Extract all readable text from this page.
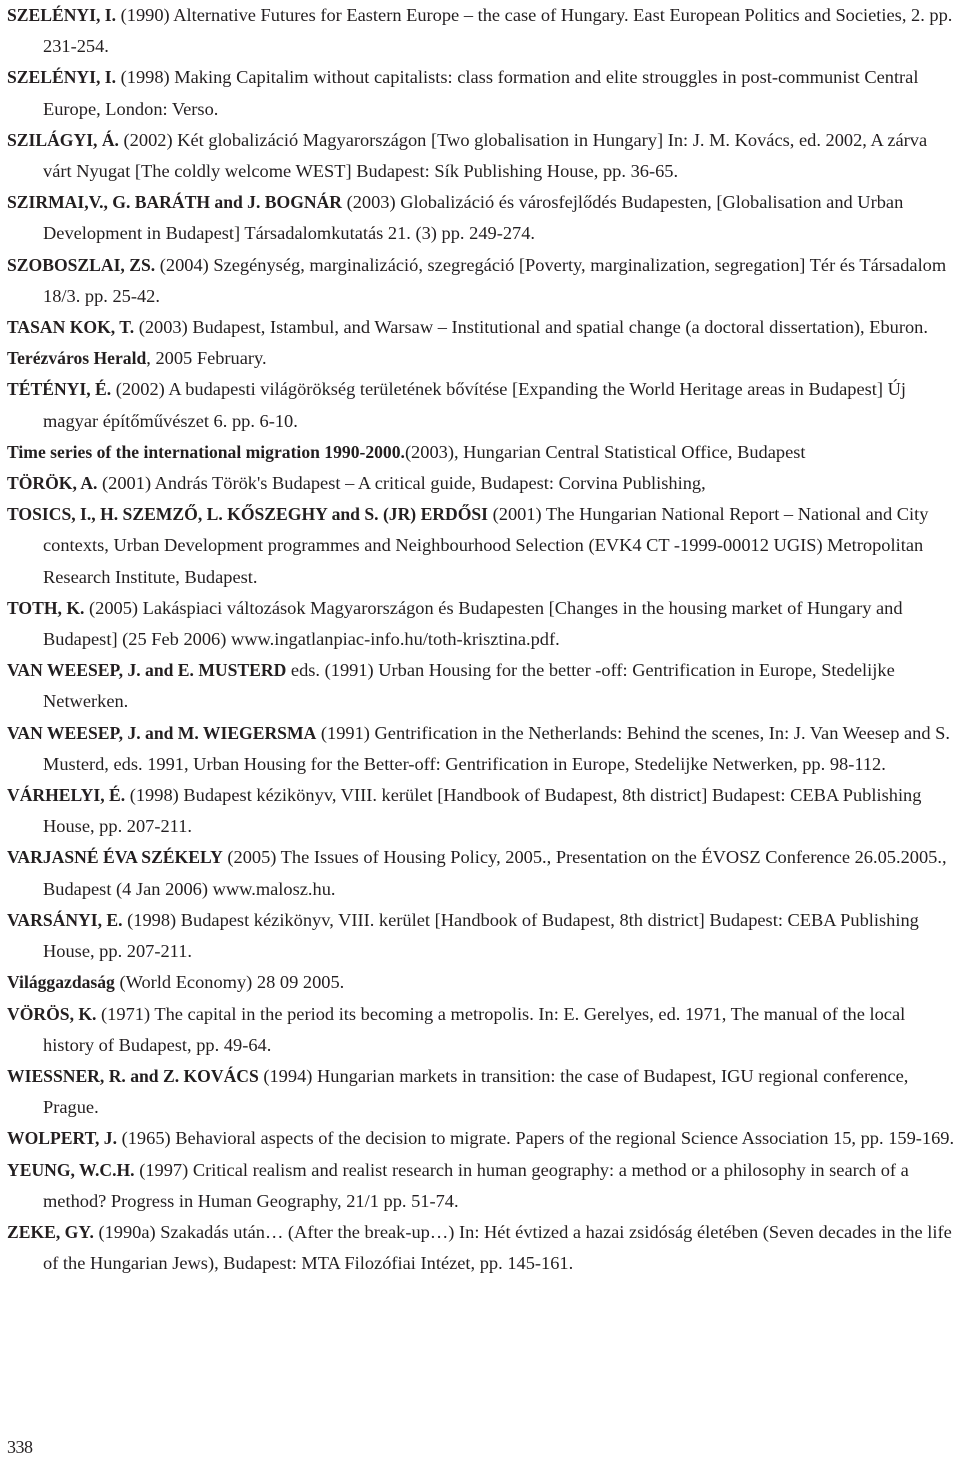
SZELÉNYI, I. (1990) Alternative Futures for Eastern Europe – the case of Hungary. East European Politics and Societies, 2. pp. 231-254.
SZELÉNYI, I. (1998) Making Capitalim without capitalists: class formation and elite strouggles in post-communist Central Europe, London: Verso.
SZILÁGYI, Á. (2002) Két globalizáció Magyarországon [Two globalisation in Hungary] In: J. M. Kovács, ed. 2002, A zárva várt Nyugat [The coldly welcome WEST] Budapest: Sík Publishing House, pp. 36-65.
SZIRMAI,V., G. BARÁTH and J. BOGNÁR (2003) Globalizáció és városfejlődés Budapesten, [Globalisation and Urban Development in Budapest] Társadalomkutatás 21. (3) pp. 249-274.
SZOBOSZLAI, ZS. (2004) Szegénység, marginalizáció, szegregáció [Poverty, marginalization, segregation] Tér és Társadalom 18/3. pp. 25-42.
TASAN KOK, T. (2003) Budapest, Istambul, and Warsaw – Institutional and spatial change (a doctoral dissertation), Eburon.
Terézváros Herald, 2005 February.
TÉTÉNYI, É. (2002) A budapesti világörökség területének bővítése [Expanding the World Heritage areas in Budapest] Új magyar építőművészet 6. pp. 6-10.
Time series of the international migration 1990-2000.(2003), Hungarian Central Statistical Office, Budapest
TÖRÖK, A. (2001) András Török's Budapest – A critical guide, Budapest: Corvina Publishing,
TOSICS, I., H. SZEMZŐ, L. KŐSZEGHY and S. (JR) ERDŐSI (2001) The Hungarian National Report – National and City contexts, Urban Development programmes and Neighbourhood Selection (EVK4 CT -1999-00012 UGIS) Metropolitan Research Institute, Budapest.
TOTH, K. (2005) Lakáspiaci változások Magyarországon és Budapesten [Changes in the housing market of Hungary and Budapest] (25 Feb 2006) www.ingatlanpiac-info.hu/toth-krisztina.pdf.
VAN WEESEP, J. and E. MUSTERD eds. (1991) Urban Housing for the better -off: Gentrification in Europe, Stedelijke Netwerken.
VAN WEESEP, J. and M. WIEGERSMA (1991) Gentrification in the Netherlands: Behind the scenes, In: J. Van Weesep and S. Musterd, eds. 1991, Urban Housing for the Better-off: Gentrification in Europe, Stedelijke Netwerken, pp. 98-112.
VÁRHELYI, É. (1998) Budapest kézikönyv, VIII. kerület [Handbook of Budapest, 8th district] Budapest: CEBA Publishing House, pp. 207-211.
VARJASNÉ ÉVA SZÉKELY (2005) The Issues of Housing Policy, 2005., Presentation on the ÉVOSZ Conference 26.05.2005., Budapest (4 Jan 2006) www.malosz.hu.
VARSÁNYI, E. (1998) Budapest kézikönyv, VIII. kerület [Handbook of Budapest, 8th district] Budapest: CEBA Publishing House, pp. 207-211.
Világgazdaság (World Economy) 28 09 2005.
VÖRÖS, K. (1971) The capital in the period its becoming a metropolis. In: E. Gerelyes, ed. 1971, The manual of the local history of Budapest, pp. 49-64.
WIESSNER, R. and Z. KOVÁCS (1994) Hungarian markets in transition: the case of Budapest, IGU regional conference, Prague.
WOLPERT, J. (1965) Behavioral aspects of the decision to migrate. Papers of the regional Science Association 15, pp. 159-169.
YEUNG, W.C.H. (1997) Critical realism and realist research in human geography: a method or a philosophy in search of a method? Progress in Human Geography, 21/1 pp. 51-74.
ZEKE, GY. (1990a) Szakadás után… (After the break-up…) In: Hét évtized a hazai zsidóság életében (Seven decades in the life of the Hungarian Jews), Budapest: MTA Filozófiai Intézet, pp. 145-161.
338
